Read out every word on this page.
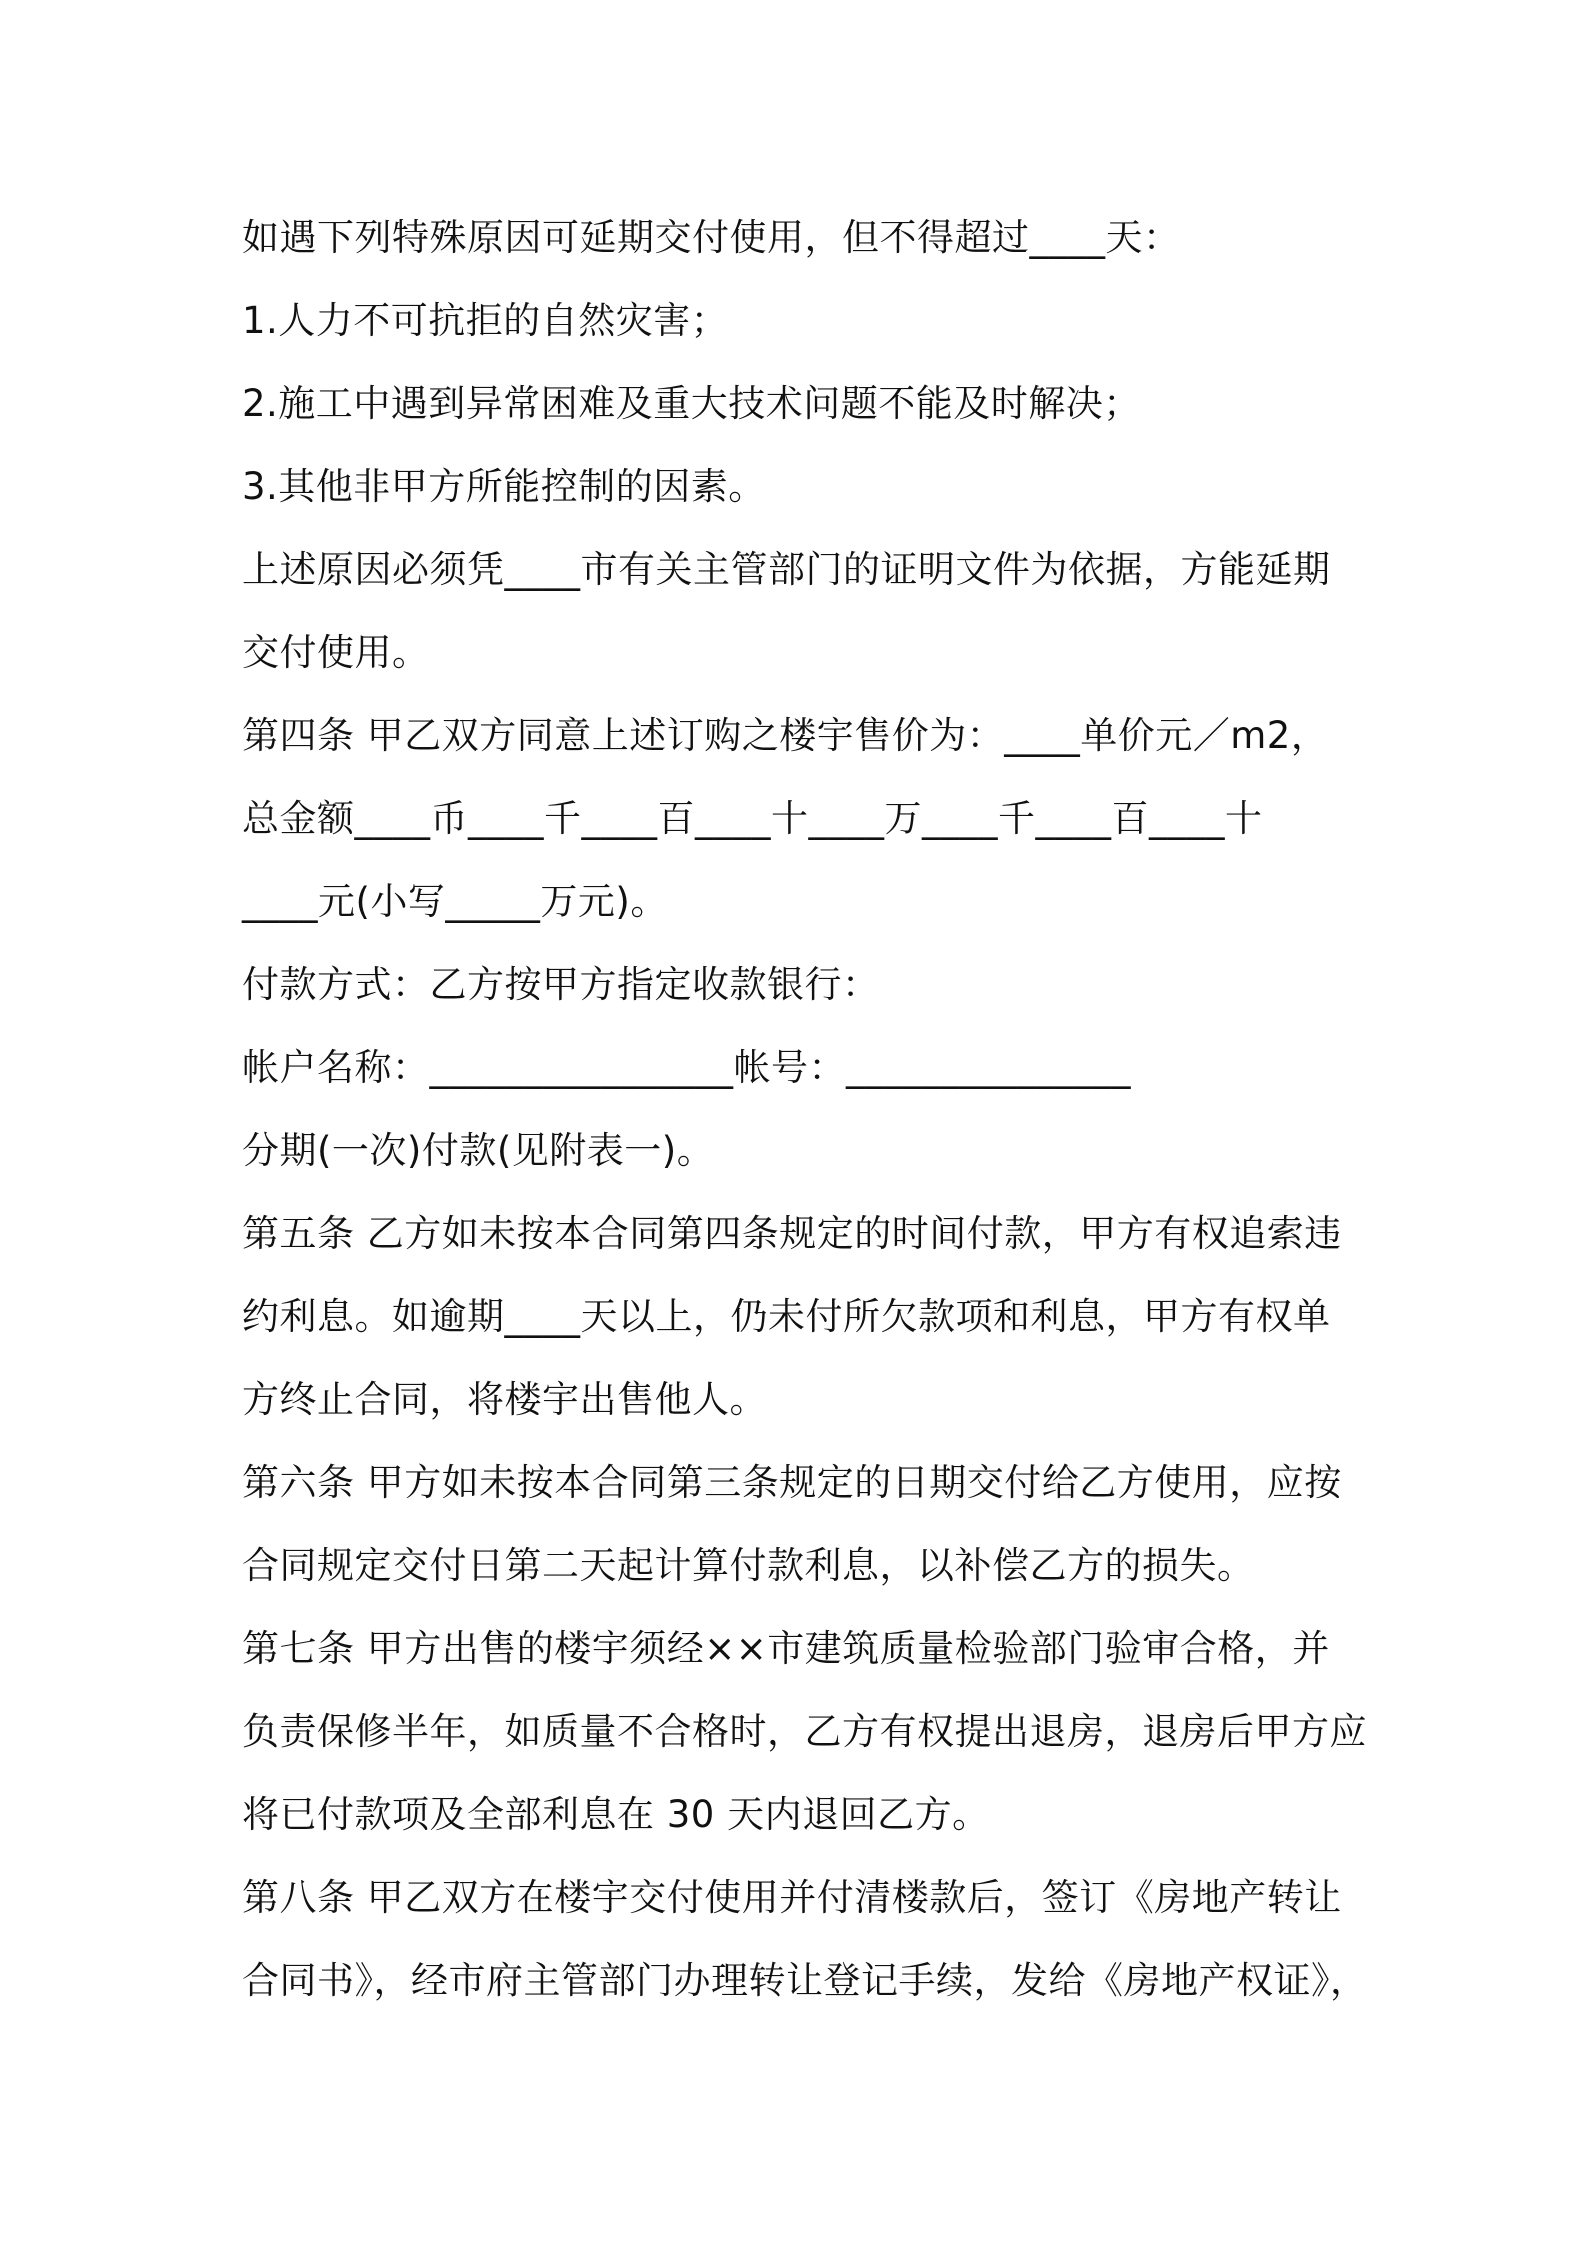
如遇下列特殊原因可延期交付使用，但不得超过____天：
1.人力不可抗拒的自然灾害；
2.施工中遇到异常困难及重大技术问题不能及时解决；
3.其他非甲方所能控制的因素。
上述原因必须凭____市有关主管部门的证明文件为依据，方能延期
交付使用。
第四条 甲乙双方同意上述订购之楼宇售价为：____单价元／m2，
总金额____币____千____百____十____万____千____百____十
____元(小写_____万元)。
付款方式：乙方按甲方指定收款银行：
帐户名称：________________帐号：_______________
分期(一次)付款(见附表一)。
第五条 乙方如未按本合同第四条规定的时间付款，甲方有权追索违
约利息。如逾期____天以上，仍未付所欠款项和利息，甲方有权单
方终止合同，将楼宇出售他人。
第六条 甲方如未按本合同第三条规定的日期交付给乙方使用，应按
合同规定交付日第二天起计算付款利息，以补偿乙方的损失。
第七条 甲方出售的楼宇须经××市建筑质量检验部门验审合格，并
负责保修半年，如质量不合格时，乙方有权提出退房，退房后甲方应
将已付款项及全部利息在 30 天内退回乙方。
第八条 甲乙双方在楼宇交付使用并付清楼款后，签订《房地产转让
合同书》，经市府主管部门办理转让登记手续，发给《房地产权证》，
